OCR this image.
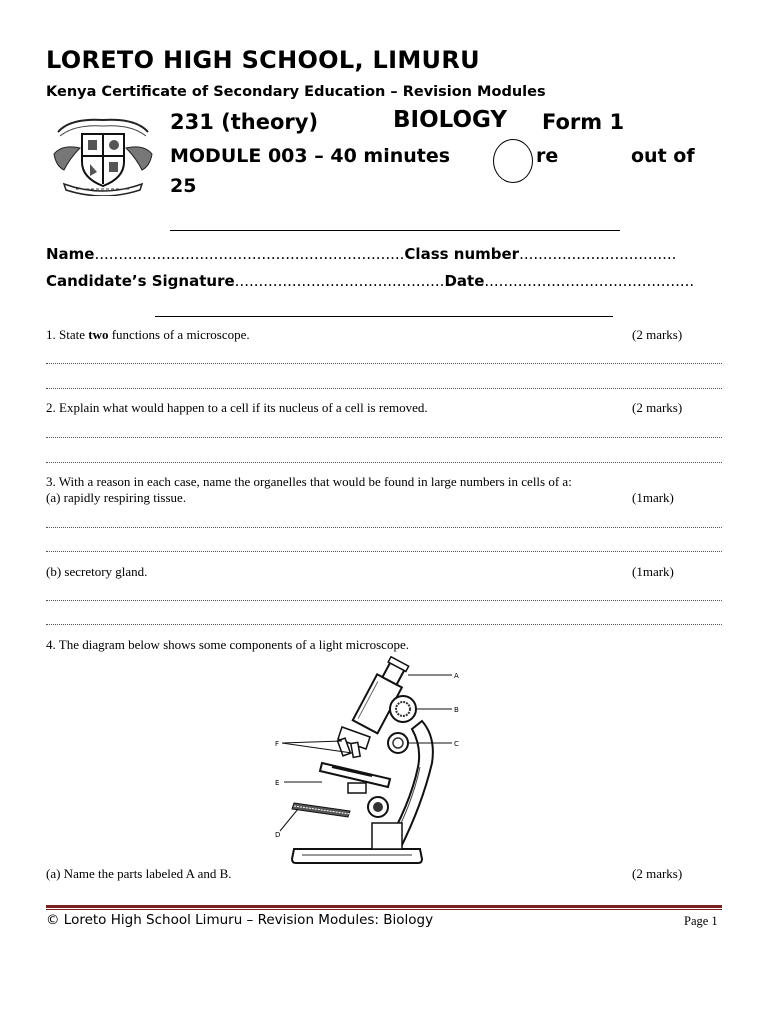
LORETO HIGH SCHOOL, LIMURU
Kenya Certificate of Secondary Education – Revision Modules
231 (theory)	BIOLOGY Form 1
MODULE 003 – 40 minutes	re	out of
25
Name.................................................................Class number.................................
Candidate’s Signature............................................Date............................................
1. State two functions of a microscope.	(2 marks)
2. Explain what would happen to a cell if its nucleus of a cell is removed.	(2 marks)
3. With a reason in each case, name the organelles that would be found in large numbers in cells of a:
(a) rapidly respiring tissue.	(1mark)
(b) secretory gland.	(1mark)
4. The diagram below shows some components of a light microscope.
A
B
C
D
E
F
(a) Name the parts labeled A and B.	(2 marks)
© Loreto High School Limuru – Revision Modules: Biology	Page 1
